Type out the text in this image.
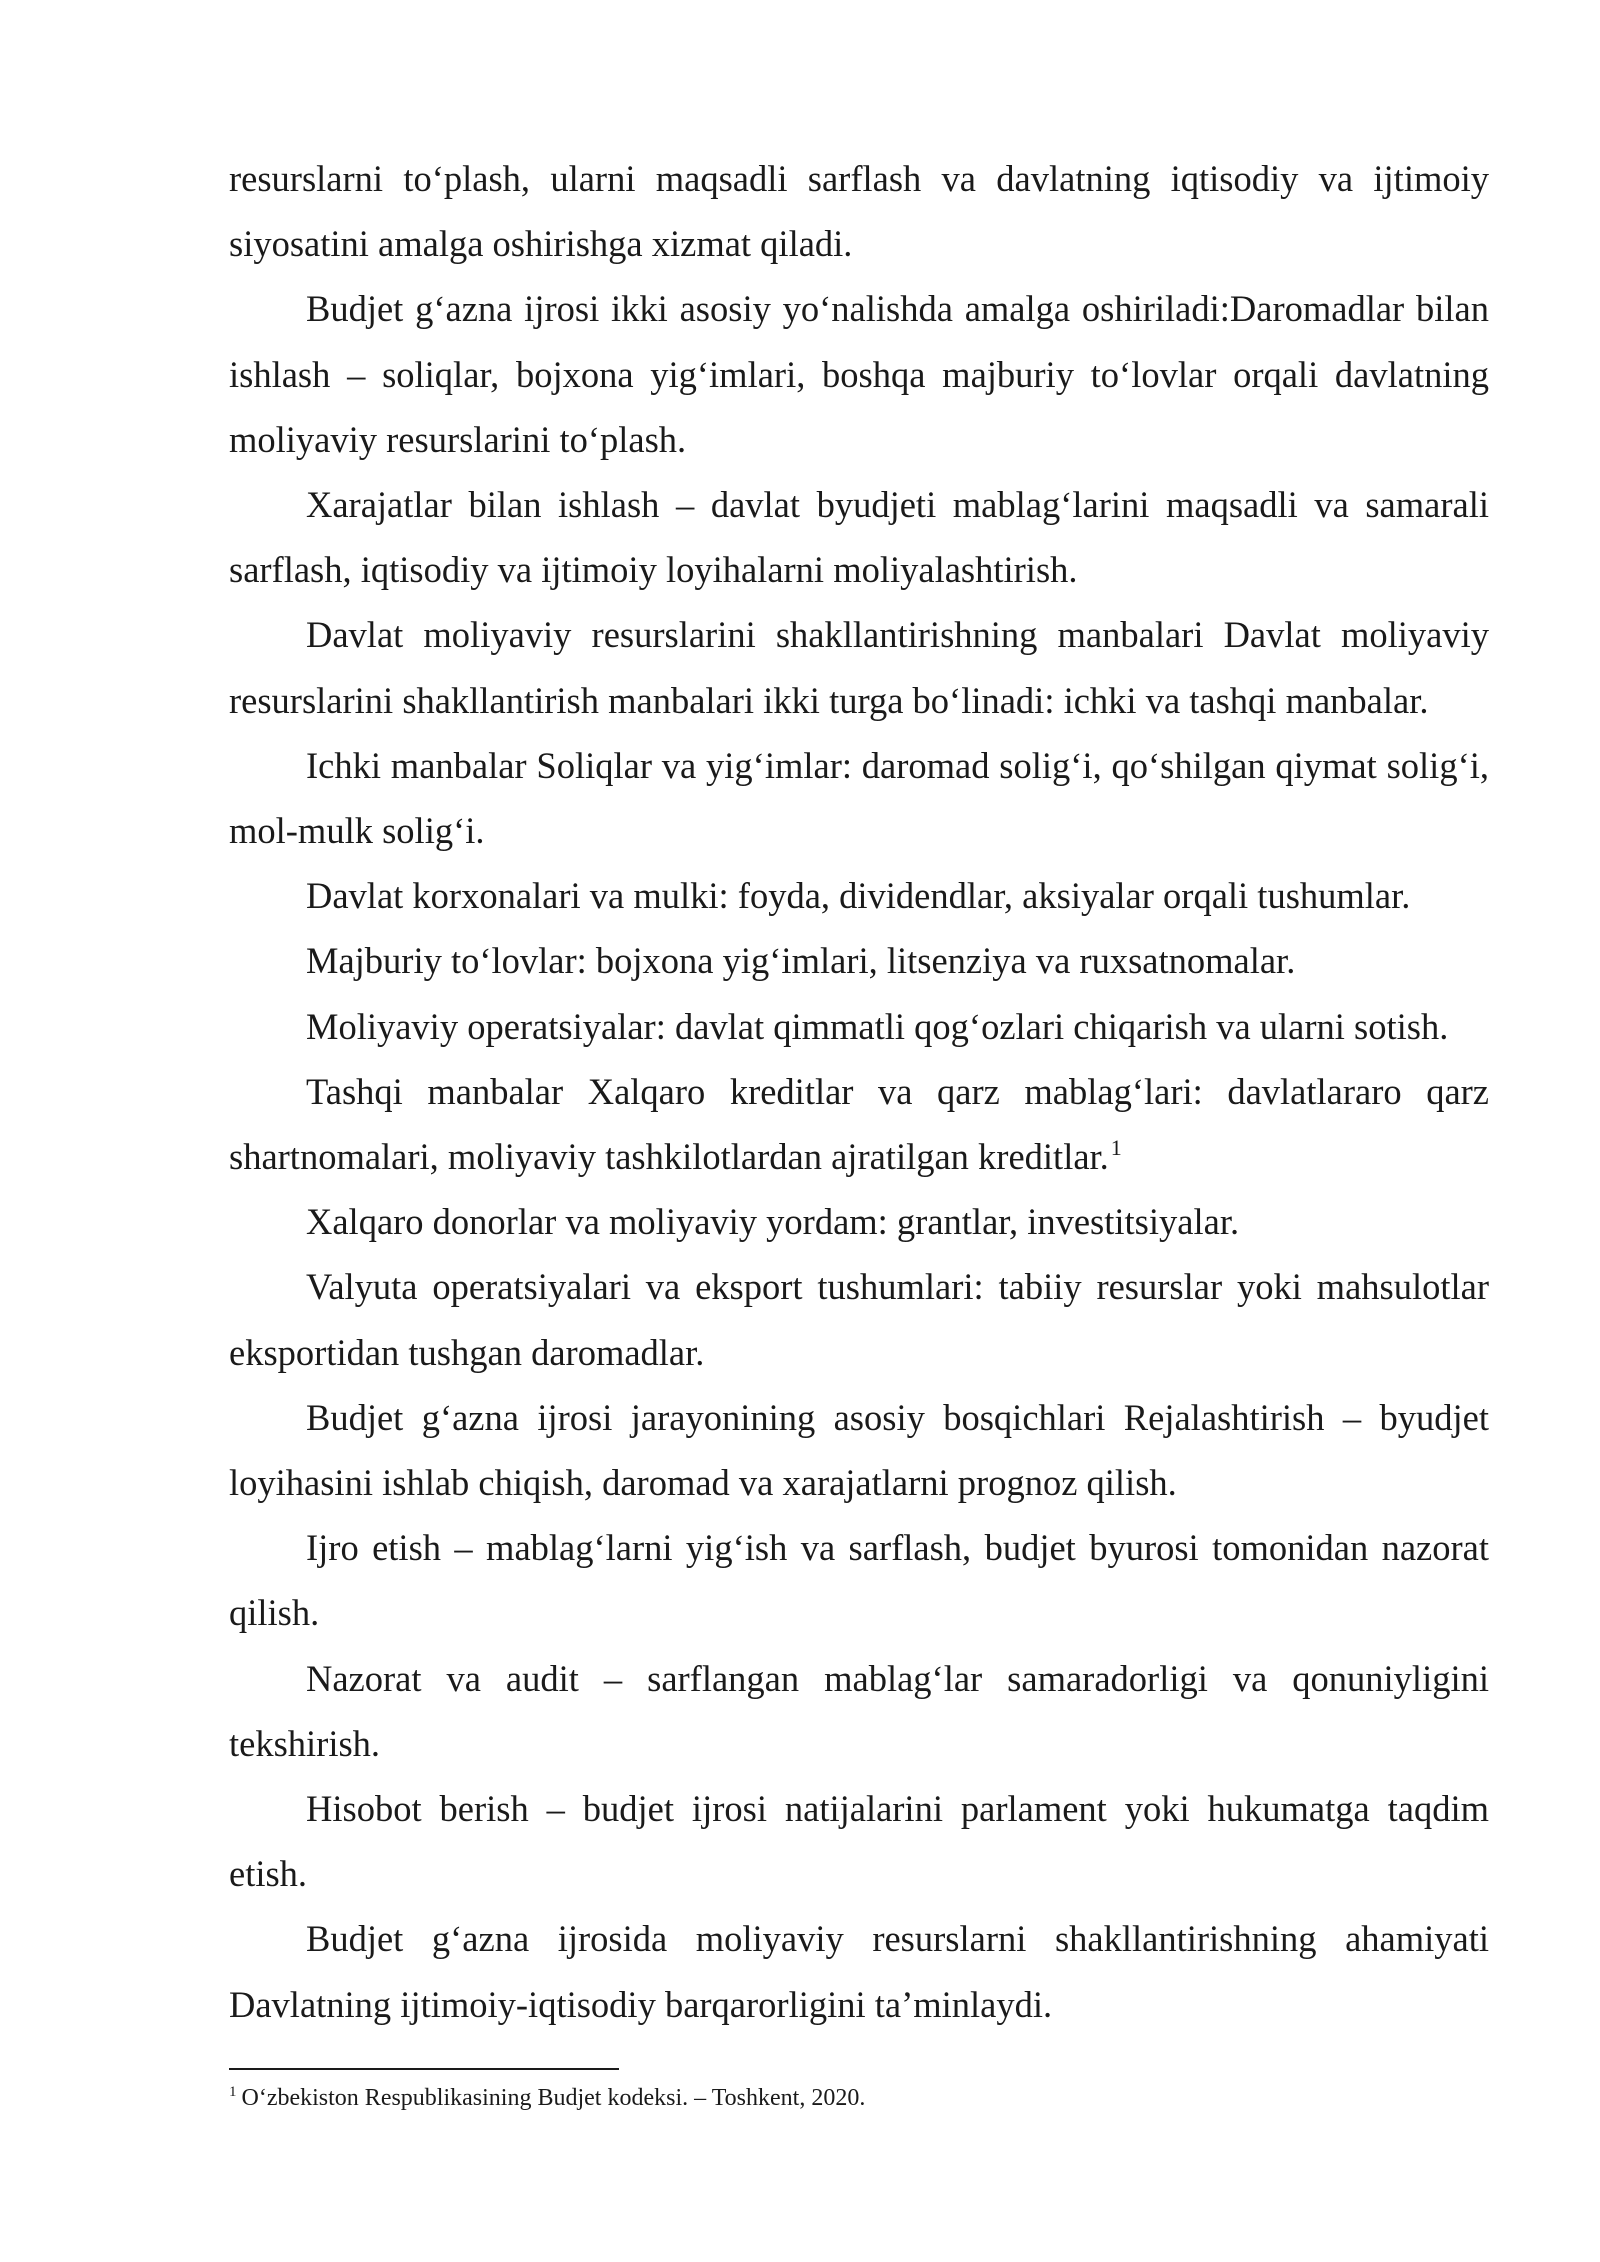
resurslarni to‘plash, ularni maqsadli sarflash va davlatning iqtisodiy va ijtimoiy siyosatini amalga oshirishga xizmat qiladi.

Budjet g‘azna ijrosi ikki asosiy yo‘nalishda amalga oshiriladi:Daromadlar bilan ishlash – soliqlar, bojxona yig‘imlari, boshqa majburiy to‘lovlar orqali davlatning moliyaviy resurslarini to‘plash.

Xarajatlar bilan ishlash – davlat byudjeti mablag‘larini maqsadli va samarali sarflash, iqtisodiy va ijtimoiy loyihalarni moliyalashtirish.

Davlat moliyaviy resurslarini shakllantirishning manbalari Davlat moliyaviy resurslarini shakllantirish manbalari ikki turga bo‘linadi: ichki va tashqi manbalar.

Ichki manbalar Soliqlar va yig‘imlar: daromad solig‘i, qo‘shilgan qiymat solig‘i, mol-mulk solig‘i.

Davlat korxonalari va mulki: foyda, dividendlar, aksiyalar orqali tushumlar.

Majburiy to‘lovlar: bojxona yig‘imlari, litsenziya va ruxsatnomalar.

Moliyaviy operatsiyalar: davlat qimmatli qog‘ozlari chiqarish va ularni sotish.

Tashqi manbalar Xalqaro kreditlar va qarz mablag‘lari: davlatlararo qarz shartnomalari, moliyaviy tashkilotlardan ajratilgan kreditlar.$^1$

Xalqaro donorlar va moliyaviy yordam: grantlar, investitsiyalar.

Valyuta operatsiyalari va eksport tushumlari: tabiiy resurslar yoki mahsulotlar eksportidan tushgan daromadlar.

Budjet g‘azna ijrosi jarayonining asosiy bosqichlari Rejalashtirish – byudjet loyihasini ishlab chiqish, daromad va xarajatlarni prognoz qilish.

Ijro etish – mablag‘larni yig‘ish va sarflash, budjet byurosi tomonidan nazorat qilish.

Nazorat va audit – sarflangan mablag‘lar samaradorligi va qonuniyligini tekshirish.

Hisobot berish – budjet ijrosi natijalarini parlament yoki hukumatga taqdim etish.

Budjet g‘azna ijrosida moliyaviy resurslarni shakllantirishning ahamiyati Davlatning ijtimoiy-iqtisodiy barqarorligini ta’minlaydi.

$^1$ O‘zbekiston Respublikasining Budjet kodeksi. – Toshkent, 2020.
